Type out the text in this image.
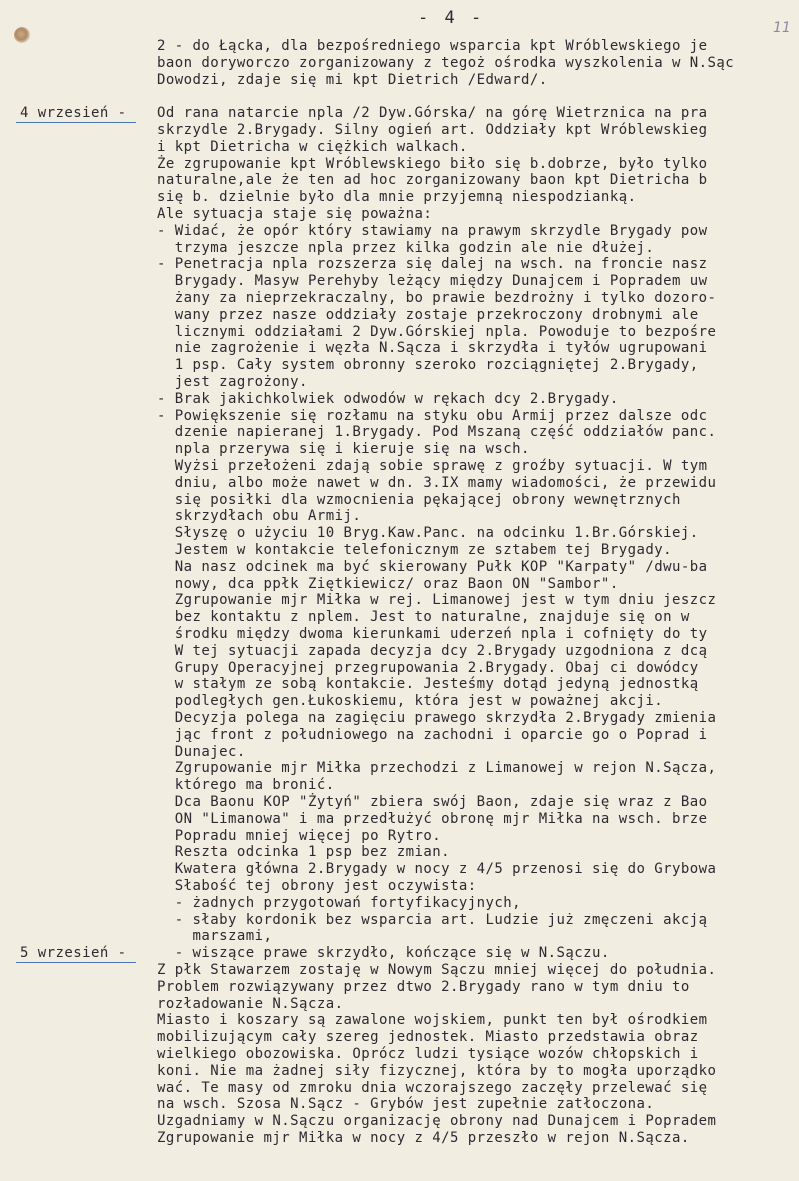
- 4 -	11
4 wrzesień -
5 wrzesień -
2 - do Łącka, dla bezpośredniego wsparcia kpt Wróblewskiego je
baon doryworczo zorganizowany z tegoż ośrodka wyszkolenia w N.Sąc
Dowodzi, zdaje się mi kpt Dietrich /Edward/.
Od rana natarcie npla /2 Dyw.Górska/ na górę Wietrznica na pra
skrzydle 2.Brygady. Silny ogień art. Oddziały kpt Wróblewskieg
i kpt Dietricha w ciężkich walkach.
Że zgrupowanie kpt Wróblewskiego biło się b.dobrze, było tylko
naturalne,ale że ten ad hoc zorganizowany baon kpt Dietricha b
się b. dzielnie było dla mnie przyjemną niespodzianką.
Ale sytuacja staje się poważna:
- Widać, że opór który stawiamy na prawym skrzydle Brygady pow
trzyma jeszcze npla przez kilka godzin ale nie dłużej.
- Penetracja npla rozszerza się dalej na wsch. na froncie nasz
Brygady. Masyw Perehyby leżący między Dunajcem i Popradem uw
żany za nieprzekraczalny, bo prawie bezdrożny i tylko dozoro-
wany przez nasze oddziały zostaje przekroczony drobnymi ale
licznymi oddziałami 2 Dyw.Górskiej npla. Powoduje to bezpośre
nie zagrożenie i węzła N.Sącza i skrzydła i tyłów ugrupowani
1 psp. Cały system obronny szeroko rozciągniętej 2.Brygady,
jest zagrożony.
- Brak jakichkolwiek odwodów w rękach dcy 2.Brygady.
- Powiększenie się rozłamu na styku obu Armij przez dalsze odc
dzenie napieranej 1.Brygady. Pod Mszaną część oddziałów panc.
npla przerywa się i kieruje się na wsch.
Wyżsi przełożeni zdają sobie sprawę z groźby sytuacji. W tym
dniu, albo może nawet w dn. 3.IX mamy wiadomości, że przewidu
się posiłki dla wzmocnienia pękającej obrony wewnętrznych
skrzydłach obu Armij.
Słyszę o użyciu 10 Bryg.Kaw.Panc. na odcinku 1.Br.Górskiej.
Jestem w kontakcie telefonicznym ze sztabem tej Brygady.
Na nasz odcinek ma być skierowany Pułk KOP "Karpaty" /dwu-ba
nowy, dca ppłk Ziętkiewicz/ oraz Baon ON "Sambor".
Zgrupowanie mjr Miłka w rej. Limanowej jest w tym dniu jeszcz
bez kontaktu z nplem. Jest to naturalne, znajduje się on w
środku między dwoma kierunkami uderzeń npla i cofnięty do ty
W tej sytuacji zapada decyzja dcy 2.Brygady uzgodniona z dcą
Grupy Operacyjnej przegrupowania 2.Brygady. Obaj ci dowódcy
w stałym ze sobą kontakcie. Jesteśmy dotąd jedyną jednostką
podległych gen.Łukoskiemu, która jest w poważnej akcji.
Decyzja polega na zagięciu prawego skrzydła 2.Brygady zmienia
jąc front z południowego na zachodni i oparcie go o Poprad i
Dunajec.
Zgrupowanie mjr Miłka przechodzi z Limanowej w rejon N.Sącza,
którego ma bronić.
Dca Baonu KOP "Żytyń" zbiera swój Baon, zdaje się wraz z Bao
ON "Limanowa" i ma przedłużyć obronę mjr Miłka na wsch. brze
Popradu mniej więcej po Rytro.
Reszta odcinka 1 psp bez zmian.
Kwatera główna 2.Brygady w nocy z 4/5 przenosi się do Grybowa
Słabość tej obrony jest oczywista:
- żadnych przygotowań fortyfikacyjnych,
- słaby kordonik bez wsparcia art. Ludzie już zmęczeni akcją
marszami,
- wiszące prawe skrzydło, kończące się w N.Sączu.
Z płk Stawarzem zostaję w Nowym Sączu mniej więcej do południa.
Problem rozwiązywany przez dtwo 2.Brygady rano w tym dniu to
rozładowanie N.Sącza.
Miasto i koszary są zawalone wojskiem, punkt ten był ośrodkiem
mobilizującym cały szereg jednostek. Miasto przedstawia obraz
wielkiego obozowiska. Oprócz ludzi tysiące wozów chłopskich i
koni. Nie ma żadnej siły fizycznej, która by to mogła uporządko
wać. Te masy od zmroku dnia wczorajszego zaczęły przelewać się
na wsch. Szosa N.Sącz - Grybów jest zupełnie zatłoczona.
Uzgadniamy w N.Sączu organizację obrony nad Dunajcem i Popradem
Zgrupowanie mjr Miłka w nocy z 4/5 przeszło w rejon N.Sącza.
